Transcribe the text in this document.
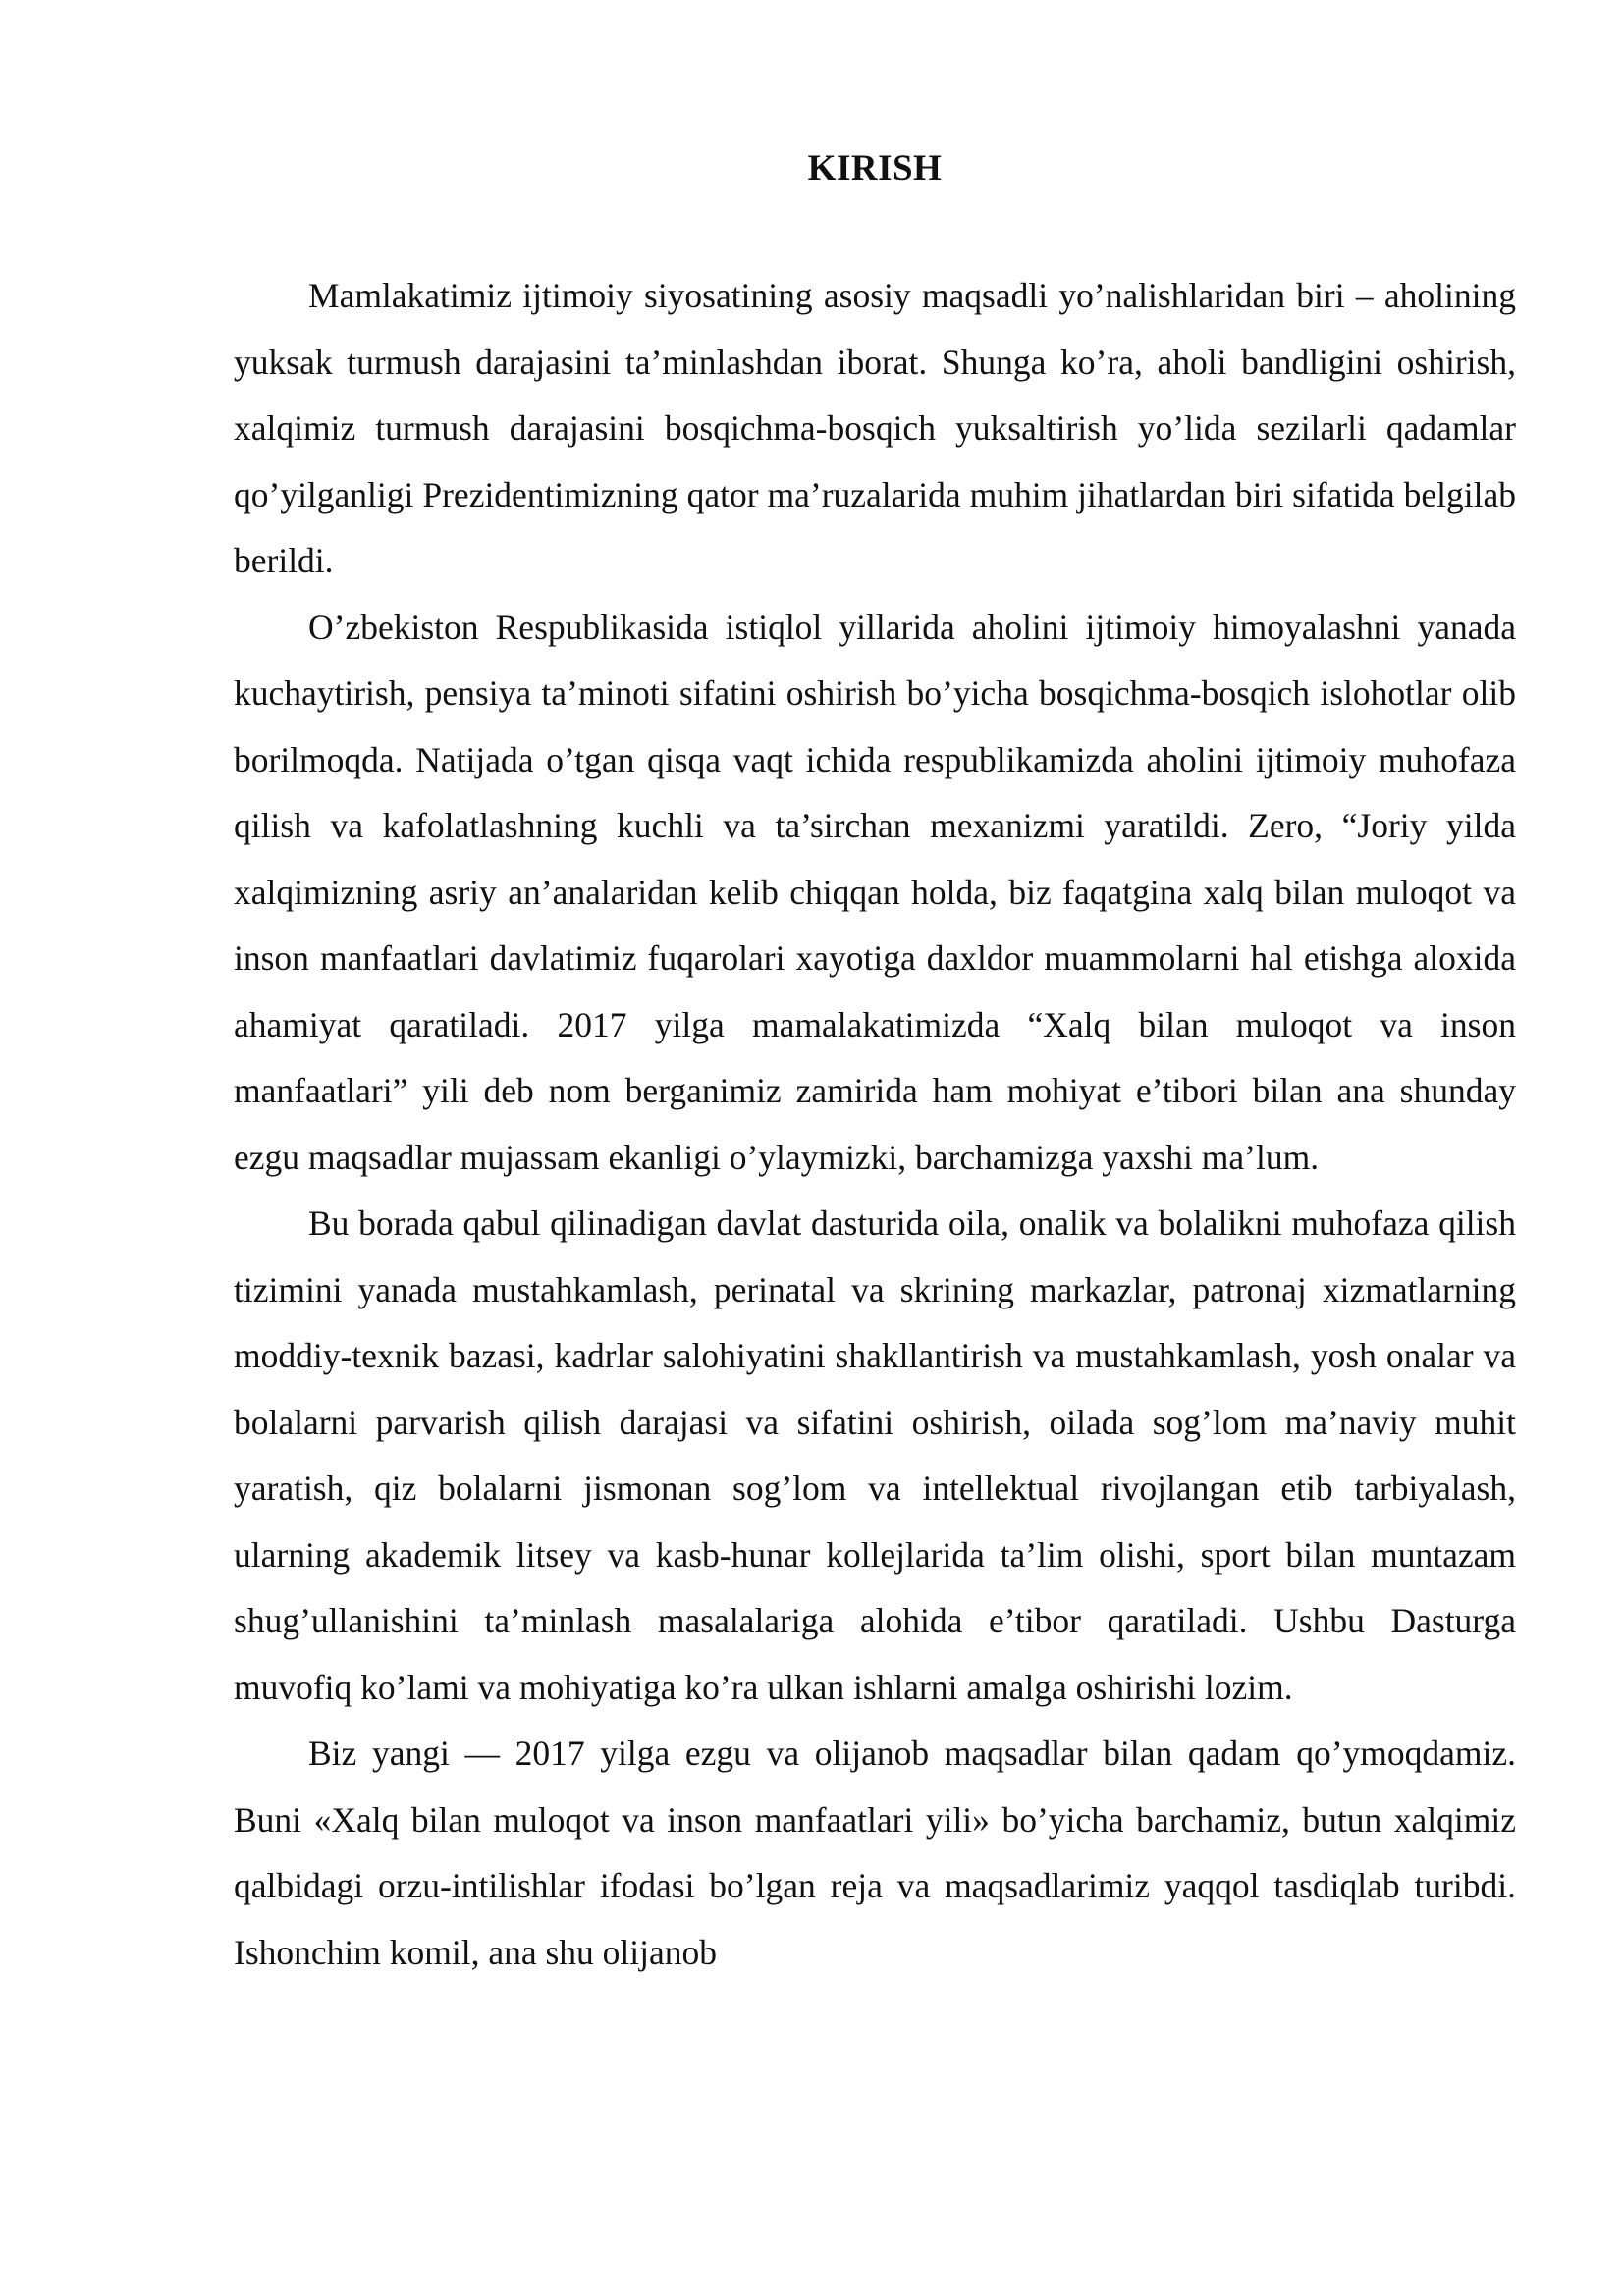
KIRISH

Mamlakatimiz ijtimoiy siyosatining asosiy maqsadli yo’nalishlaridan biri – aholining yuksak turmush darajasini ta’minlashdan iborat. Shunga ko’ra, aholi bandligini oshirish, xalqimiz turmush darajasini bosqichma-bosqich yuksaltirish yo’lida sezilarli qadamlar qo’yilganligi Prezidentimizning qator ma’ruzalarida muhim jihatlardan biri sifatida belgilab berildi.

O’zbekiston Respublikasida istiqlol yillarida aholini ijtimoiy himoyalashni yanada kuchaytirish, pensiya ta’minoti sifatini oshirish bo’yicha bosqichma-bosqich islohotlar olib borilmoqda. Natijada o’tgan qisqa vaqt ichida respublikamizda aholini ijtimoiy muhofaza qilish va kafolatlashning kuchli va ta’sirchan mexanizmi yaratildi. Zero, “Joriy yilda xalqimizning asriy an’analaridan kelib chiqqan holda, biz faqatgina xalq bilan muloqot va inson manfaatlari davlatimiz fuqarolari xayotiga daxldor muammolarni hal etishga aloxida ahamiyat qaratiladi. 2017 yilga mamalakatimizda “Xalq bilan muloqot va inson manfaatlari” yili deb nom berganimiz zamirida ham mohiyat e’tibori bilan ana shunday ezgu maqsadlar mujassam ekanligi o’ylaymizki, barchamizga yaxshi ma’lum.

Bu borada qabul qilinadigan davlat dasturida oila, onalik va bolalikni muhofaza qilish tizimini yanada mustahkamlash, perinatal va skrining markazlar, patronaj xizmatlarning moddiy-texnik bazasi, kadrlar salohiyatini shakllantirish va mustahkamlash, yosh onalar va bolalarni parvarish qilish darajasi va sifatini oshirish, oilada sog’lom ma’naviy muhit yaratish, qiz bolalarni jismonan sog’lom va intellektual rivojlangan etib tarbiyalash, ularning akademik litsey va kasb-hunar kollejlarida ta’lim olishi, sport bilan muntazam shug’ullanishini ta’minlash masalalariga alohida e’tibor qaratiladi. Ushbu Dasturga muvofiq ko’lami va mohiyatiga ko’ra ulkan ishlarni amalga oshirishi lozim.

Biz yangi — 2017 yilga ezgu va olijanob maqsadlar bilan qadam qo’ymoqdamiz. Buni «Xalq bilan muloqot va inson manfaatlari yili» bo’yicha barchamiz, butun xalqimiz qalbidagi orzu-intilishlar ifodasi bo’lgan reja va maqsadlarimiz yaqqol tasdiqlab turibdi. Ishonchim komil, ana shu olijanob
